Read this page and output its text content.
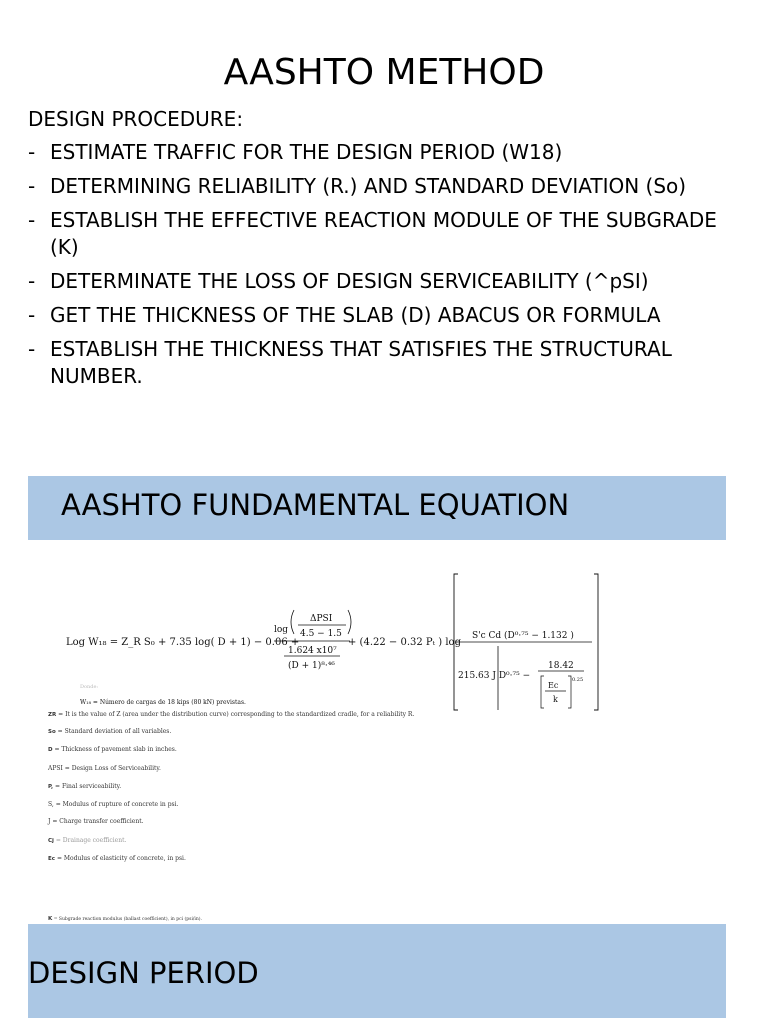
AASHTO METHOD
DESIGN PROCEDURE:
- ESTIMATE TRAFFIC FOR THE DESIGN PERIOD (W18)
- DETERMINING RELIABILITY (R.) AND STANDARD DEVIATION (So)
- ESTABLISH THE EFFECTIVE REACTION MODULE OF THE SUBGRADE (K)
- DETERMINATE THE LOSS OF DESIGN SERVICEABILITY (^pSI)
- GET THE THICKNESS OF THE SLAB (D) ABACUS OR FORMULA
- ESTABLISH THE THICKNESS THAT SATISFIES THE STRUCTURAL NUMBER.
AASHTO FUNDAMENTAL EQUATION
Log W₁₈ = Z_R S₀ + 7.35 log( D + 1) − 0.06 +
log
ΔPSI
4.5 − 1.5
1.624 x10⁷
(D + 1)⁸·⁴⁶
+ (4.22 − 0.32 Pₜ ) log
S'c Cd (D⁰·⁷⁵ − 1.132 )
215.63 J D⁰·⁷⁵ −
18.42
Ec
k
0.25
Donde:
W₁₈ = Número de cargas de 18 kips (80 kN) previstas.
ZR = It is the value of Z (area under the distribution curve) corresponding to the standardized cradle, for a reliability R.
So = Standard deviation of all variables.
D = Thickness of pavement slab in inches.
APSI = Design Loss of Serviceability.
P, = Final serviceability.
S, = Modulus of rupture of concrete in psi.
J = Charge transfer coefficient.
Cj = Drainage coefficient.
Ec = Modulus of elasticity of concrete, in psi.
K = Subgrade reaction modulus (ballast coefficient), in pci (psi/in).
DESIGN PERIOD
